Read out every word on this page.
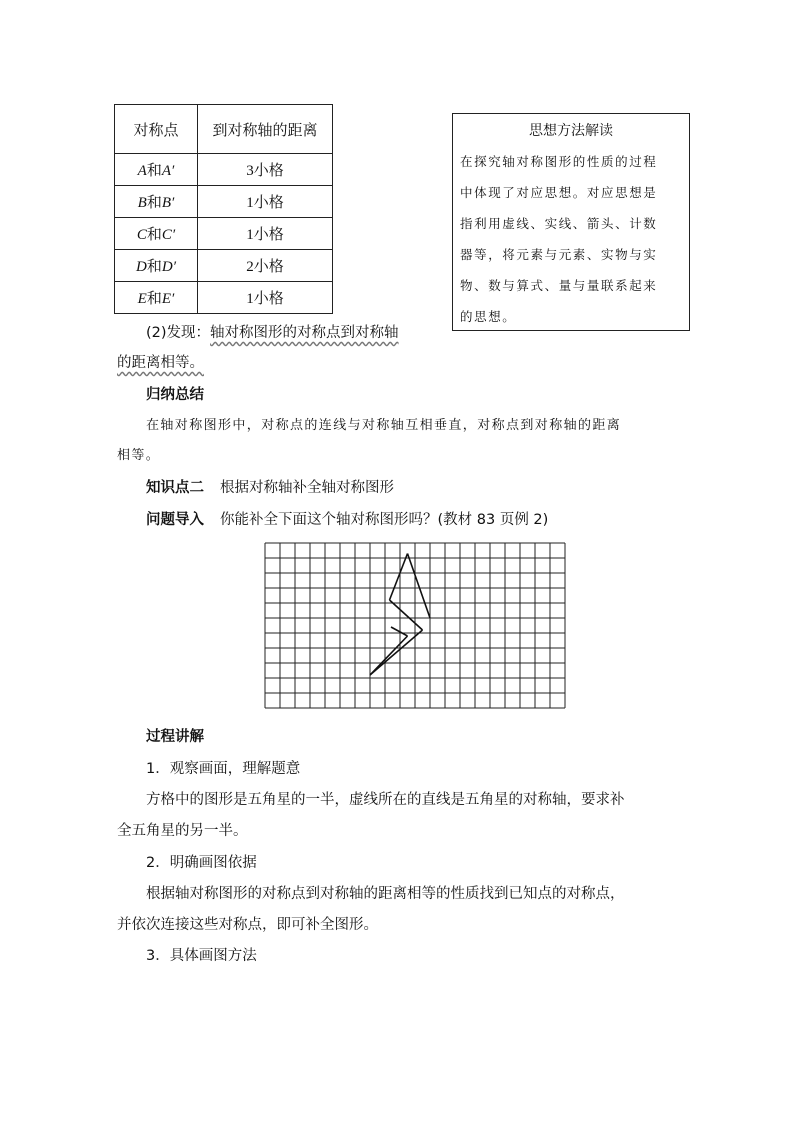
对称点	到对称轴的距离
A和A′	3小格
B和B′	1小格
C和C′	1小格
D和D′	2小格
E和E′	1小格
思想方法解读
在探究轴对称图形的性质的过程
中体现了对应思想。对应思想是
指利用虚线、实线、箭头、计数
器等，将元素与元素、实物与实
物、数与算式、量与量联系起来
的思想。
(2)发现：轴对称图形的对称点到对称轴
的距离相等。
归纳总结
在轴对称图形中，对称点的连线与对称轴互相垂直，对称点到对称轴的距离
相等。
知识点二 根据对称轴补全轴对称图形
问题导入 你能补全下面这个轴对称图形吗？(教材 83 页例 2)
过程讲解
1．观察画面，理解题意
方格中的图形是五角星的一半，虚线所在的直线是五角星的对称轴，要求补
全五角星的另一半。
2．明确画图依据
根据轴对称图形的对称点到对称轴的距离相等的性质找到已知点的对称点，
并依次连接这些对称点，即可补全图形。
3．具体画图方法
